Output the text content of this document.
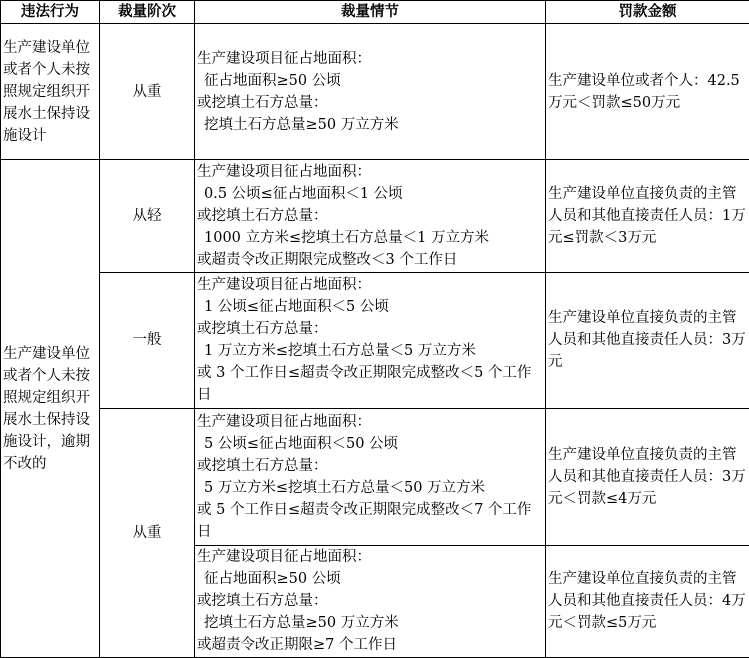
违法行为	裁量阶次	裁量情节	罚款金额
生产建设单位或者个人未按照规定组织开展水土保持设施设计	从重	生产建设项目征占地面积：
征占地面积≥50 公顷
或挖填土石方总量：
挖填土石方总量≥50 万立方米	生产建设单位或者个人：42.5万元＜罚款≤50万元
生产建设单位或者个人未按照规定组织开展水土保持设施设计，逾期不改的	从轻	生产建设项目征占地面积：
0.5 公顷≤征占地面积＜1 公顷
或挖填土石方总量：
1000 立方米≤挖填土石方总量＜1 万立方米
或超责令改正期限完成整改＜3 个工作日	生产建设单位直接负责的主管人员和其他直接责任人员：1万元≤罚款＜3万元
	一般	生产建设项目征占地面积：
1 公顷≤征占地面积＜5 公顷
或挖填土石方总量：
1 万立方米≤挖填土石方总量＜5 万立方米
或 3 个工作日≤超责令改正期限完成整改＜5 个工作日	生产建设单位直接负责的主管人员和其他直接责任人员：3万元
	从重	生产建设项目征占地面积：
5 公顷≤征占地面积＜50 公顷
或挖填土石方总量：
5 万立方米≤挖填土石方总量＜50 万立方米
或 5 个工作日≤超责令改正期限完成整改＜7 个工作日	生产建设单位直接负责的主管人员和其他直接责任人员：3万元＜罚款≤4万元

		生产建设项目征占地面积：
征占地面积≥50 公顷
或挖填土石方总量：
挖填土石方总量≥50 万立方米
或超责令改正期限≥7 个工作日	生产建设单位直接负责的主管人员和其他直接责任人员：4万元＜罚款≤5万元
